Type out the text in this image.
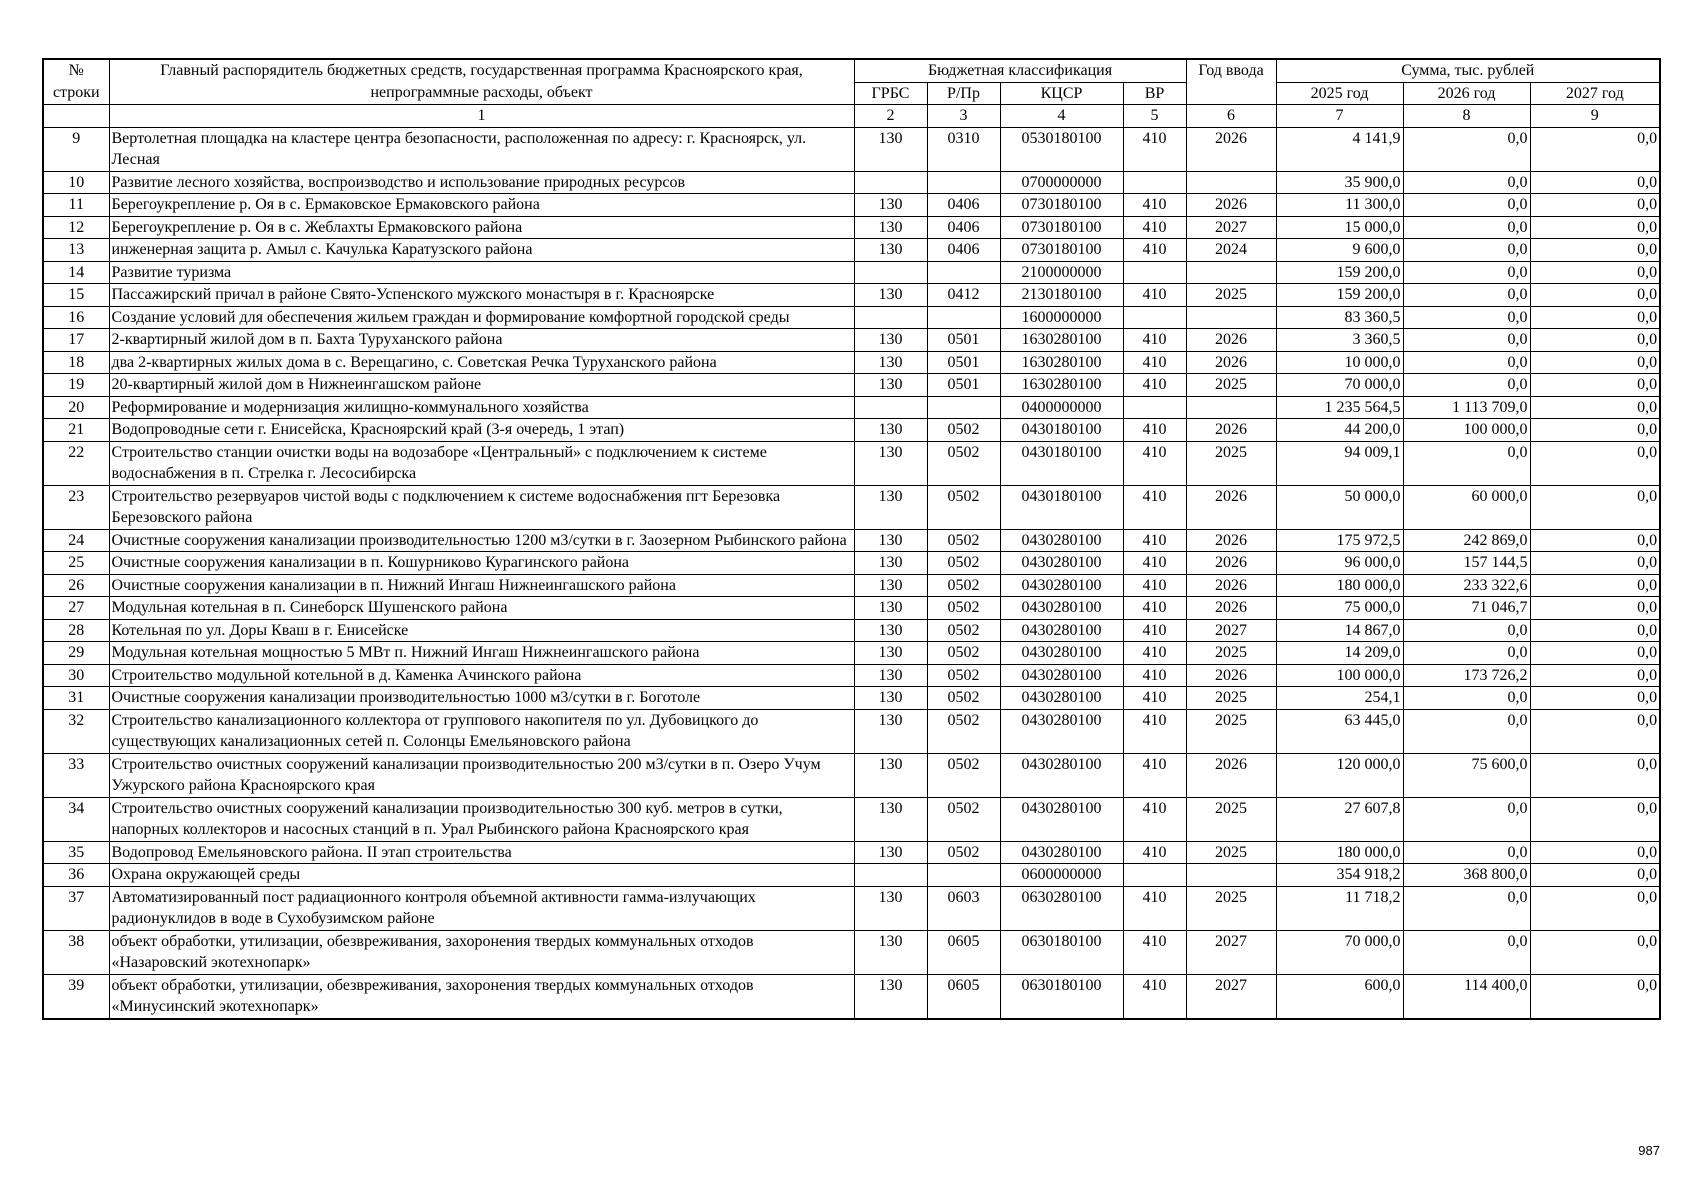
№ строки	Главный распорядитель бюджетных средств, государственная программа Красноярского края, непрограммные расходы, объект	Бюджетная классификация				Год ввода	Сумма, тыс. рублей		
		ГРБС	Р/Пр	КЦСР	ВР		2025 год	2026 год	2027 год
	1	2	3	4	5	6	7	8	9
9	Вертолетная площадка на кластере центра безопасности, расположенная по адресу: г. Красноярск, ул. Лесная	130	0310	0530180100	410	2026	4 141,9	0,0	0,0
10	Развитие лесного хозяйства, воспроизводство и использование природных ресурсов			0700000000			35 900,0	0,0	0,0
11	Берегоукрепление р. Оя в с. Ермаковское Ермаковского района	130	0406	0730180100	410	2026	11 300,0	0,0	0,0
12	Берегоукрепление р. Оя в с. Жеблахты Ермаковского района	130	0406	0730180100	410	2027	15 000,0	0,0	0,0
13	инженерная защита р. Амыл с. Качулька Каратузского района	130	0406	0730180100	410	2024	9 600,0	0,0	0,0
14	Развитие туризма			2100000000			159 200,0	0,0	0,0
15	Пассажирский причал в районе Свято-Успенского мужского монастыря в г. Красноярске	130	0412	2130180100	410	2025	159 200,0	0,0	0,0
16	Создание условий для обеспечения жильем граждан и формирование комфортной городской среды			1600000000			83 360,5	0,0	0,0
17	2-квартирный жилой дом в п. Бахта Туруханского района	130	0501	1630280100	410	2026	3 360,5	0,0	0,0
18	два 2-квартирных жилых дома в с. Верещагино, с. Советская Речка Туруханского района	130	0501	1630280100	410	2026	10 000,0	0,0	0,0
19	20-квартирный жилой дом в Нижнеингашском районе	130	0501	1630280100	410	2025	70 000,0	0,0	0,0
20	Реформирование и модернизация жилищно-коммунального хозяйства			0400000000			1 235 564,5	1 113 709,0	0,0
21	Водопроводные сети г. Енисейска, Красноярский край (3-я очередь, 1 этап)	130	0502	0430180100	410	2026	44 200,0	100 000,0	0,0
22	Строительство станции очистки воды на водозаборе «Центральный» с подключением к системе водоснабжения в п. Стрелка г. Лесосибирска	130	0502	0430180100	410	2025	94 009,1	0,0	0,0
23	Строительство резервуаров чистой воды с подключением к системе водоснабжения пгт Березовка Березовского района	130	0502	0430180100	410	2026	50 000,0	60 000,0	0,0
24	Очистные сооружения канализации производительностью 1200 м3/сутки в г. Заозерном Рыбинского района	130	0502	0430280100	410	2026	175 972,5	242 869,0	0,0
25	Очистные сооружения канализации в п. Кошурниково Курагинского района	130	0502	0430280100	410	2026	96 000,0	157 144,5	0,0
26	Очистные сооружения канализации в п. Нижний Ингаш Нижнеингашского района	130	0502	0430280100	410	2026	180 000,0	233 322,6	0,0
27	Модульная котельная в п. Синеборск Шушенского района	130	0502	0430280100	410	2026	75 000,0	71 046,7	0,0
28	Котельная по ул. Доры Кваш в г. Енисейске	130	0502	0430280100	410	2027	14 867,0	0,0	0,0
29	Модульная котельная мощностью 5 МВт п. Нижний Ингаш Нижнеингашского района	130	0502	0430280100	410	2025	14 209,0	0,0	0,0
30	Строительство модульной котельной в д. Каменка Ачинского района	130	0502	0430280100	410	2026	100 000,0	173 726,2	0,0
31	Очистные сооружения канализации производительностью 1000 м3/сутки в г. Боготоле	130	0502	0430280100	410	2025	254,1	0,0	0,0
32	Строительство канализационного коллектора от группового накопителя по ул. Дубовицкого до существующих канализационных сетей п. Солонцы Емельяновского района	130	0502	0430280100	410	2025	63 445,0	0,0	0,0
33	Строительство очистных сооружений канализации производительностью 200 м3/сутки в п. Озеро Учум Ужурского района Красноярского края	130	0502	0430280100	410	2026	120 000,0	75 600,0	0,0
34	Строительство очистных сооружений канализации производительностью 300 куб. метров в сутки, напорных коллекторов и насосных станций в п. Урал Рыбинского района Красноярского края	130	0502	0430280100	410	2025	27 607,8	0,0	0,0
35	Водопровод Емельяновского района. II этап строительства	130	0502	0430280100	410	2025	180 000,0	0,0	0,0
36	Охрана окружающей среды			0600000000			354 918,2	368 800,0	0,0
37	Автоматизированный пост радиационного контроля объемной активности гамма-излучающих радионуклидов в воде в Сухобузимском районе	130	0603	0630280100	410	2025	11 718,2	0,0	0,0
38	объект обработки, утилизации, обезвреживания, захоронения твердых коммунальных отходов «Назаровский экотехнопарк»	130	0605	0630180100	410	2027	70 000,0	0,0	0,0
39	объект обработки, утилизации, обезвреживания, захоронения твердых коммунальных отходов «Минусинский экотехнопарк»	130	0605	0630180100	410	2027	600,0	114 400,0	0,0
987
